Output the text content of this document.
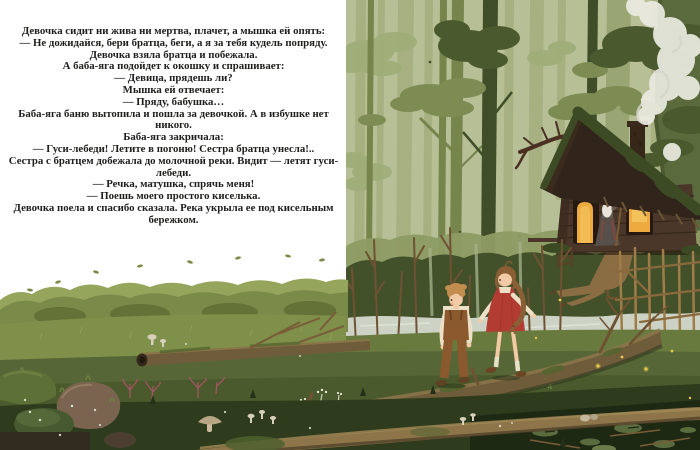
Девочка сидит ни жива ни мертва, плачет, а мышка ей опять:

— Не дожидайся, бери братца, беги, а я за тебя кудель попряду.

Девочка взяла братца и побежала.

А баба-яга подойдет к окошку и спрашивает:

— Девица, прядешь ли?

Мышка ей отвечает:

— Пряду, бабушка…

Баба-яга баню вытопила и пошла за девочкой. А в избушке нет никого.

Баба-яга закричала:

— Гуси-лебеди! Летите в погоню! Сестра братца унесла!..

Сестра с братцем добежала до молочной реки. Видит — летят гуси-лебеди.

— Речка, матушка, спрячь меня!

— Поешь моего простого киселька.

Девочка поела и спасибо сказала. Река укрыла ее под кисельным бережком.
